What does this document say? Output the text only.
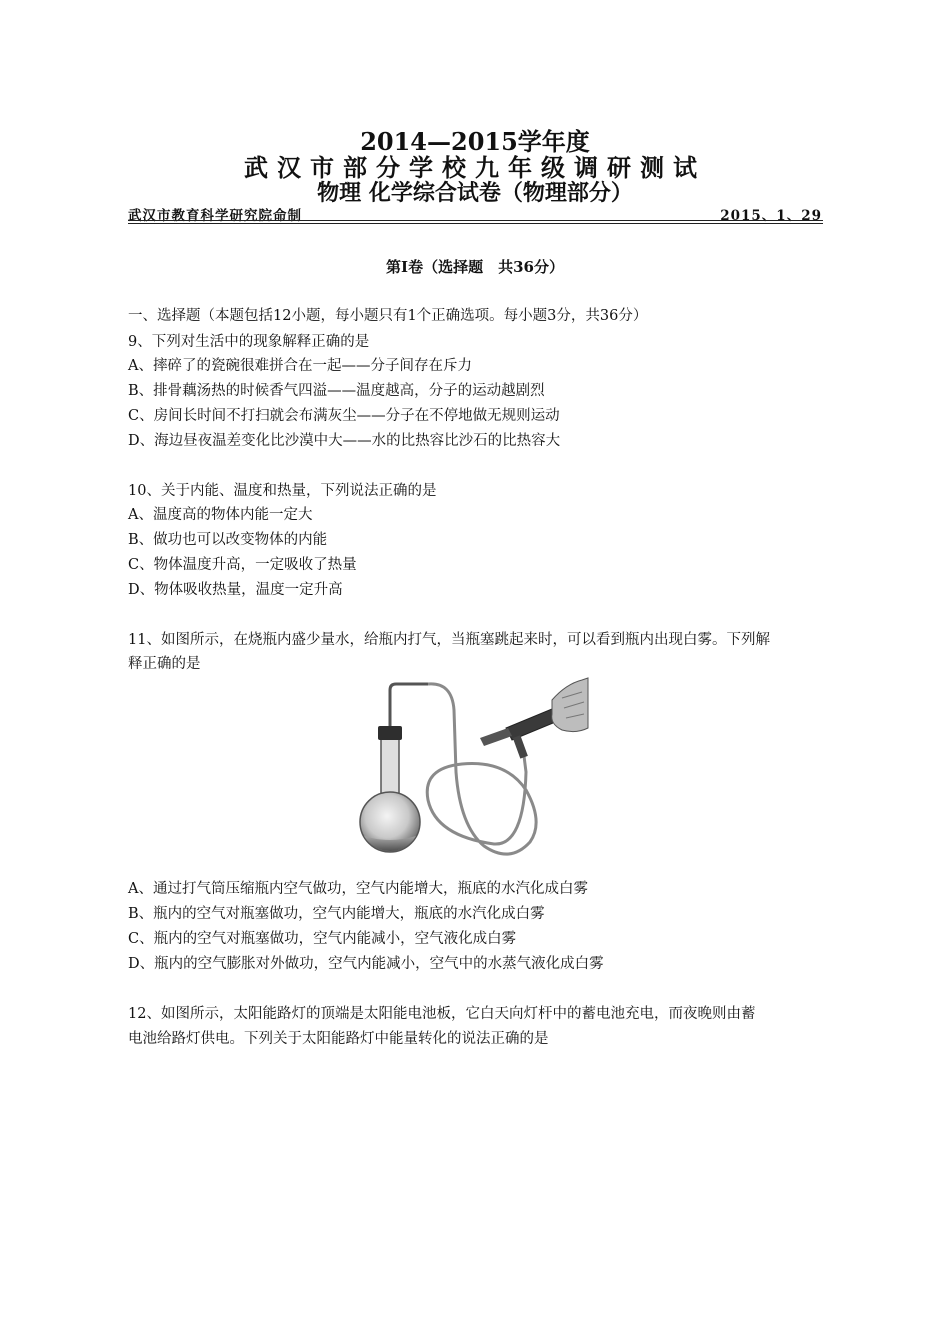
2014—2015学年度
武汉市部分学校九年级调研测试
物理 化学综合试卷（物理部分）
武汉市教育科学研究院命制	2015、1、29
第Ⅰ卷（选择题　共36分）
一、选择题（本题包括12小题，每小题只有1个正确选项。每小题3分，共36分）
9、下列对生活中的现象解释正确的是
A、摔碎了的瓷碗很难拼合在一起——分子间存在斥力
B、排骨藕汤热的时候香气四溢——温度越高，分子的运动越剧烈
C、房间长时间不打扫就会布满灰尘——分子在不停地做无规则运动
D、海边昼夜温差变化比沙漠中大——水的比热容比沙石的比热容大
10、关于内能、温度和热量，下列说法正确的是
A、温度高的物体内能一定大
B、做功也可以改变物体的内能
C、物体温度升高，一定吸收了热量
D、物体吸收热量，温度一定升高
11、如图所示，在烧瓶内盛少量水，给瓶内打气，当瓶塞跳起来时，可以看到瓶内出现白雾。下列解
释正确的是
A、通过打气筒压缩瓶内空气做功，空气内能增大，瓶底的水汽化成白雾
B、瓶内的空气对瓶塞做功，空气内能增大，瓶底的水汽化成白雾
C、瓶内的空气对瓶塞做功，空气内能减小，空气液化成白雾
D、瓶内的空气膨胀对外做功，空气内能减小，空气中的水蒸气液化成白雾
12、如图所示，太阳能路灯的顶端是太阳能电池板，它白天向灯杆中的蓄电池充电，而夜晚则由蓄
电池给路灯供电。下列关于太阳能路灯中能量转化的说法正确的是
